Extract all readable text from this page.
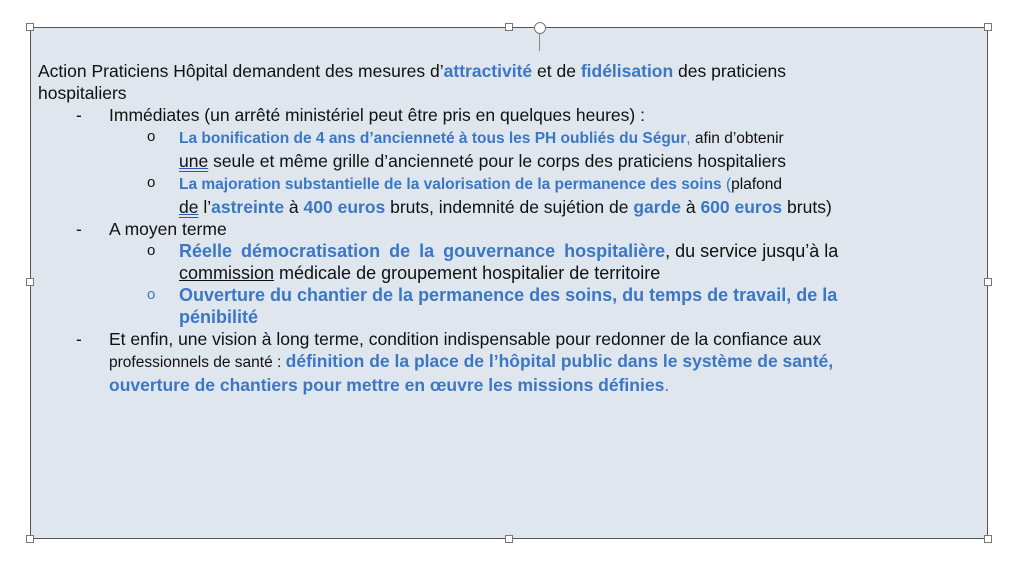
Action Praticiens Hôpital demandent des mesures d’attractivité et de fidélisation des praticiens
hospitaliers

- Immédiates (un arrêté ministériel peut être pris en quelques heures) :
o La bonification de 4 ans d’ancienneté à tous les PH oubliés du Ségur, afin d’obtenir
une seule et même grille d’ancienneté pour le corps des praticiens hospitaliers
o La majoration substantielle de la valorisation de la permanence des soins (plafond
de l’astreinte à 400 euros bruts, indemnité de sujétion de garde à 600 euros bruts)
- A moyen terme
o Réelle démocratisation de la gouvernance hospitalière, du service jusqu’à la
commission médicale de groupement hospitalier de territoire
o Ouverture du chantier de la permanence des soins, du temps de travail, de la
pénibilité
- Et enfin, une vision à long terme, condition indispensable pour redonner de la confiance aux
professionnels de santé : définition de la place de l’hôpital public dans le système de santé,
ouverture de chantiers pour mettre en œuvre les missions définies.
